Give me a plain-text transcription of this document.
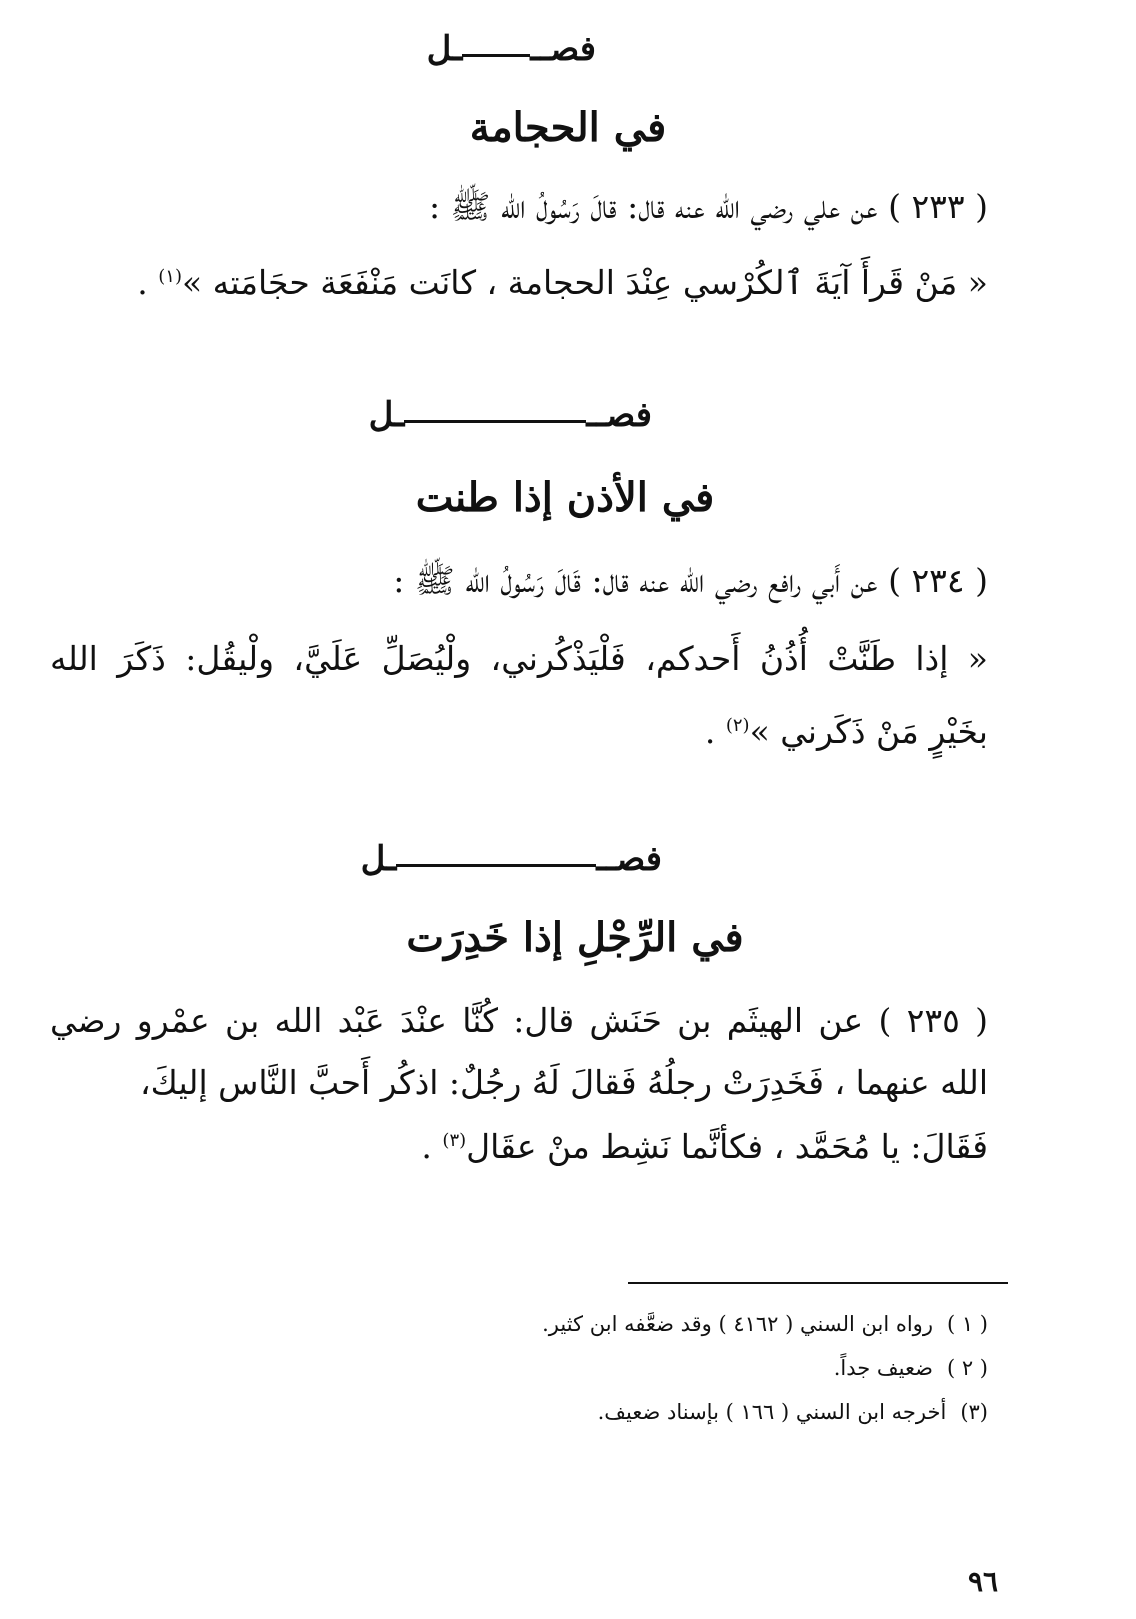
فصــ
ـل
في الحجامة
( ٢٣٣ ) عن علي رضي الله عنه قال: قالَ رَسُولُ الله ﷺ :
« مَنْ قَرأَ آيَةَ ٱلكُرْسي عِنْدَ الحجامة ، كانَت مَنْفَعَة حجَامَته »$^{(١)}$ .
فصــ
ـل
في الأذن إذا طنت
( ٢٣٤ ) عن أَبي رافع رضي الله عنه قال: قَالَ رَسُولُ الله ﷺ :
« إذا طَنَّتْ أُذُنُ أَحدكم، فَلْيَذْكُرني، ولْيُصَلِّ عَلَيَّ، ولْيقُل: ذَكَرَ الله
بخَيْرٍ مَنْ ذَكَرني »$^{(٢)}$ .
فصــ
ـل
في الرِّجْلِ إذا خَدِرَت
( ٢٣٥ ) عن الهيثَم بن حَنَش قال: كُنَّا عنْدَ عَبْد الله بن عمْرو رضي
الله عنهما ، فَخَدِرَتْ رجلُهُ فَقالَ لَهُ رجُلٌ: اذكُر أَحبَّ النَّاس إليكَ،
فَقَالَ: يا مُحَمَّد ، فكأنَّما نَشِط منْ عقَال$^{(٣)}$ .
( ١ )رواه ابن السني ( ٤١٦٢ ) وقد ضعَّفه ابن كثير.
( ٢ )ضعيف جداً.
(٣)أخرجه ابن السني ( ١٦٦ ) بإسناد ضعيف.
٩٦
